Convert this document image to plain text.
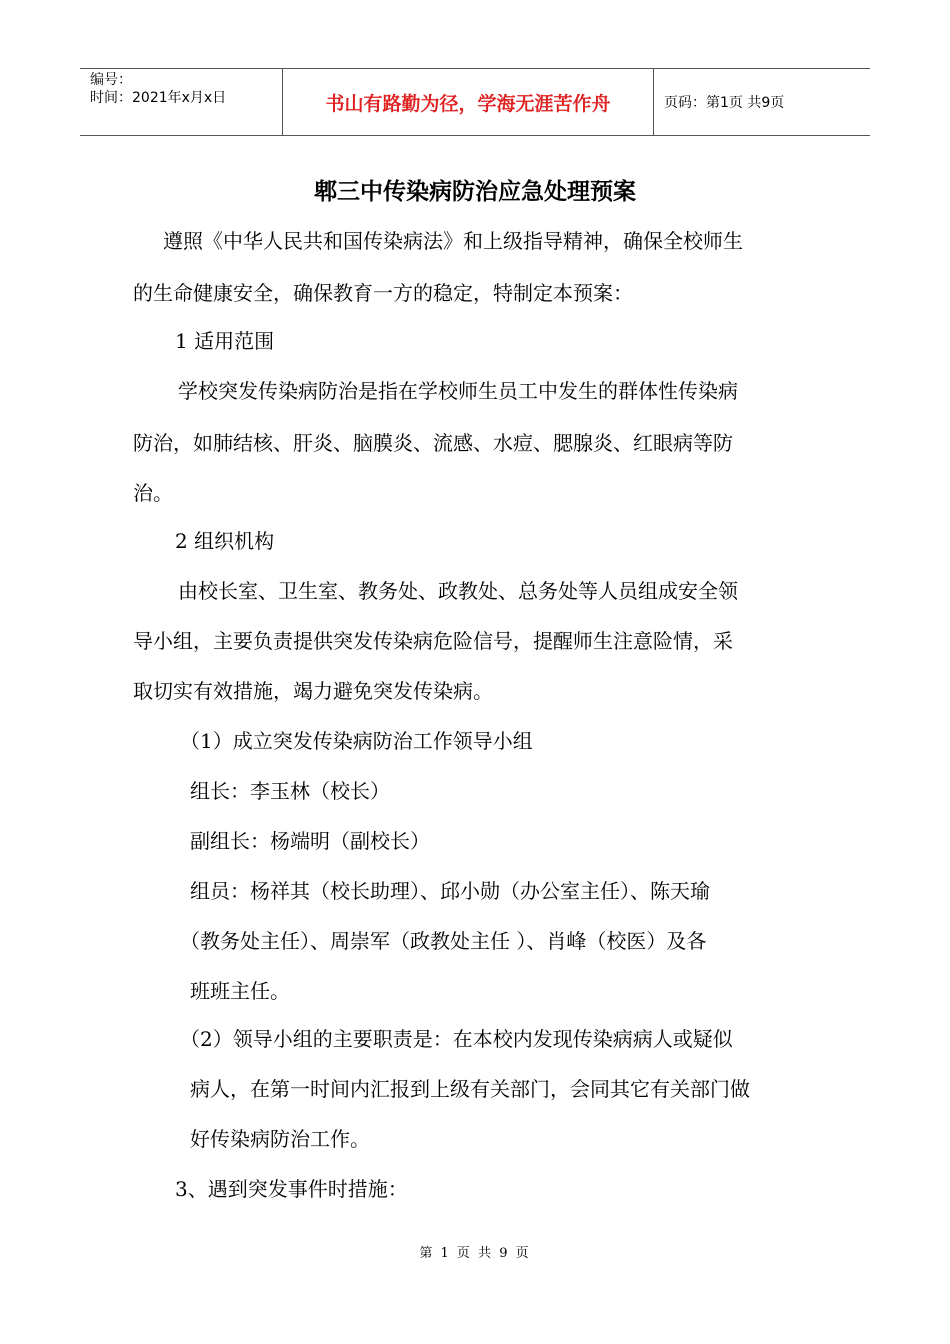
编号：
时间：2021年x月x日	书山有路勤为径，学海无涯苦作舟	页码：第1页 共9页
郫三中传染病防治应急处理预案
遵照《中华人民共和国传染病法》和上级指导精神，确保全校师生
的生命健康安全，确保教育一方的稳定，特制定本预案：
1 适用范围
学校突发传染病防治是指在学校师生员工中发生的群体性传染病
防治，如肺结核、肝炎、脑膜炎、流感、水痘、腮腺炎、红眼病等防
治。
2 组织机构
由校长室、卫生室、教务处、政教处、总务处等人员组成安全领
导小组，主要负责提供突发传染病危险信号，提醒师生注意险情，采
取切实有效措施，竭力避免突发传染病。
（1）成立突发传染病防治工作领导小组
组长：李玉林（校长）
副组长：杨端明（副校长）
组员：杨祥其（校长助理）、邱小勋（办公室主任）、陈天瑜
（教务处主任）、周崇军（政教处主任 ）、肖峰（校医）及各
班班主任。
（2）领导小组的主要职责是：在本校内发现传染病病人或疑似
病人，在第一时间内汇报到上级有关部门，会同其它有关部门做
好传染病防治工作。
3、遇到突发事件时措施：
第 1 页 共 9 页
